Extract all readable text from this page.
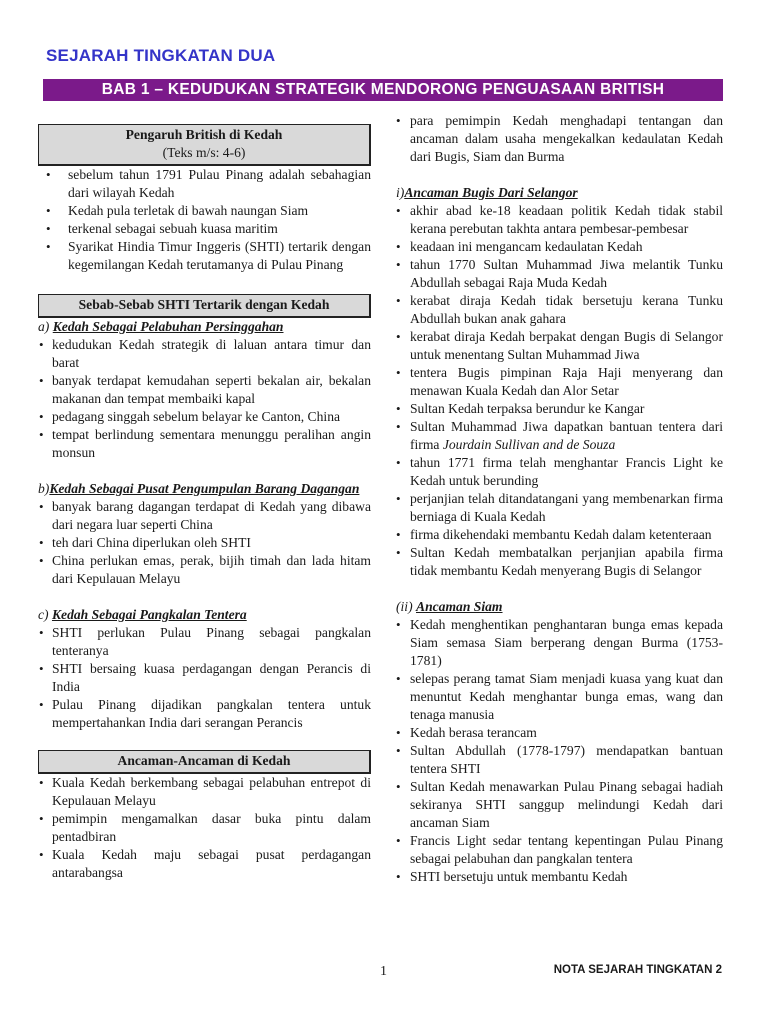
SEJARAH TINGKATAN DUA
BAB 1 – KEDUDUKAN STRATEGIK MENDORONG PENGUASAAN BRITISH
Pengaruh British di Kedah
(Teks m/s: 4-6)
• sebelum tahun 1791 Pulau Pinang adalah sebahagian dari wilayah Kedah
• Kedah pula terletak di bawah naungan Siam
• terkenal sebagai sebuah kuasa maritim
• Syarikat Hindia Timur Inggeris (SHTI) tertarik dengan kegemilangan Kedah terutamanya di Pulau Pinang
Sebab-Sebab SHTI Tertarik dengan Kedah
a) Kedah Sebagai Pelabuhan Persinggahan
• kedudukan Kedah strategik di laluan antara timur dan barat
• banyak terdapat kemudahan seperti bekalan air, bekalan makanan dan tempat membaiki kapal
• pedagang singgah sebelum belayar ke Canton, China
• tempat berlindung sementara menunggu peralihan angin monsun
b)Kedah Sebagai Pusat Pengumpulan Barang Dagangan
• banyak barang dagangan terdapat di Kedah yang dibawa dari negara luar seperti China
• teh dari China diperlukan oleh SHTI
• China perlukan emas, perak, bijih timah dan lada hitam dari Kepulauan Melayu
c) Kedah Sebagai Pangkalan Tentera
• SHTI perlukan Pulau Pinang sebagai pangkalan tenteranya
• SHTI bersaing kuasa perdagangan dengan Perancis di India
• Pulau Pinang dijadikan pangkalan tentera untuk mempertahankan India dari serangan Perancis
Ancaman-Ancaman di Kedah
• Kuala Kedah berkembang sebagai pelabuhan entrepot di Kepulauan Melayu
• pemimpin mengamalkan dasar buka pintu dalam pentadbiran
• Kuala Kedah maju sebagai pusat perdagangan antarabangsa
• para pemimpin Kedah menghadapi tentangan dan ancaman dalam usaha mengekalkan kedaulatan Kedah dari Bugis, Siam dan Burma
i)Ancaman Bugis Dari Selangor
• akhir abad ke-18 keadaan politik Kedah tidak stabil kerana perebutan takhta antara pembesar-pembesar
• keadaan ini mengancam kedaulatan Kedah
• tahun 1770 Sultan Muhammad Jiwa melantik Tunku Abdullah sebagai Raja Muda Kedah
• kerabat diraja Kedah tidak bersetuju kerana Tunku Abdullah bukan anak gahara
• kerabat diraja Kedah berpakat dengan Bugis di Selangor untuk menentang Sultan Muhammad Jiwa
• tentera Bugis pimpinan Raja Haji menyerang dan menawan Kuala Kedah dan Alor Setar
• Sultan Kedah terpaksa berundur ke Kangar
• Sultan Muhammad Jiwa dapatkan bantuan tentera dari firma Jourdain Sullivan and de Souza
• tahun 1771 firma telah menghantar Francis Light ke Kedah untuk berunding
• perjanjian telah ditandatangani yang membenarkan firma berniaga di Kuala Kedah
• firma dikehendaki membantu Kedah dalam ketenteraan
• Sultan Kedah membatalkan perjanjian apabila firma tidak membantu Kedah menyerang Bugis di Selangor
(ii) Ancaman Siam
• Kedah menghentikan penghantaran bunga emas kepada Siam semasa Siam berperang dengan Burma (1753-1781)
• selepas perang tamat Siam menjadi kuasa yang kuat dan menuntut Kedah menghantar bunga emas, wang dan tenaga manusia
• Kedah berasa terancam
• Sultan Abdullah (1778-1797) mendapatkan bantuan tentera SHTI
• Sultan Kedah menawarkan Pulau Pinang sebagai hadiah sekiranya SHTI sanggup melindungi Kedah dari ancaman Siam
• Francis Light sedar tentang kepentingan Pulau Pinang sebagai pelabuhan dan pangkalan tentera
• SHTI bersetuju untuk membantu Kedah
1	NOTA SEJARAH TINGKATAN 2
